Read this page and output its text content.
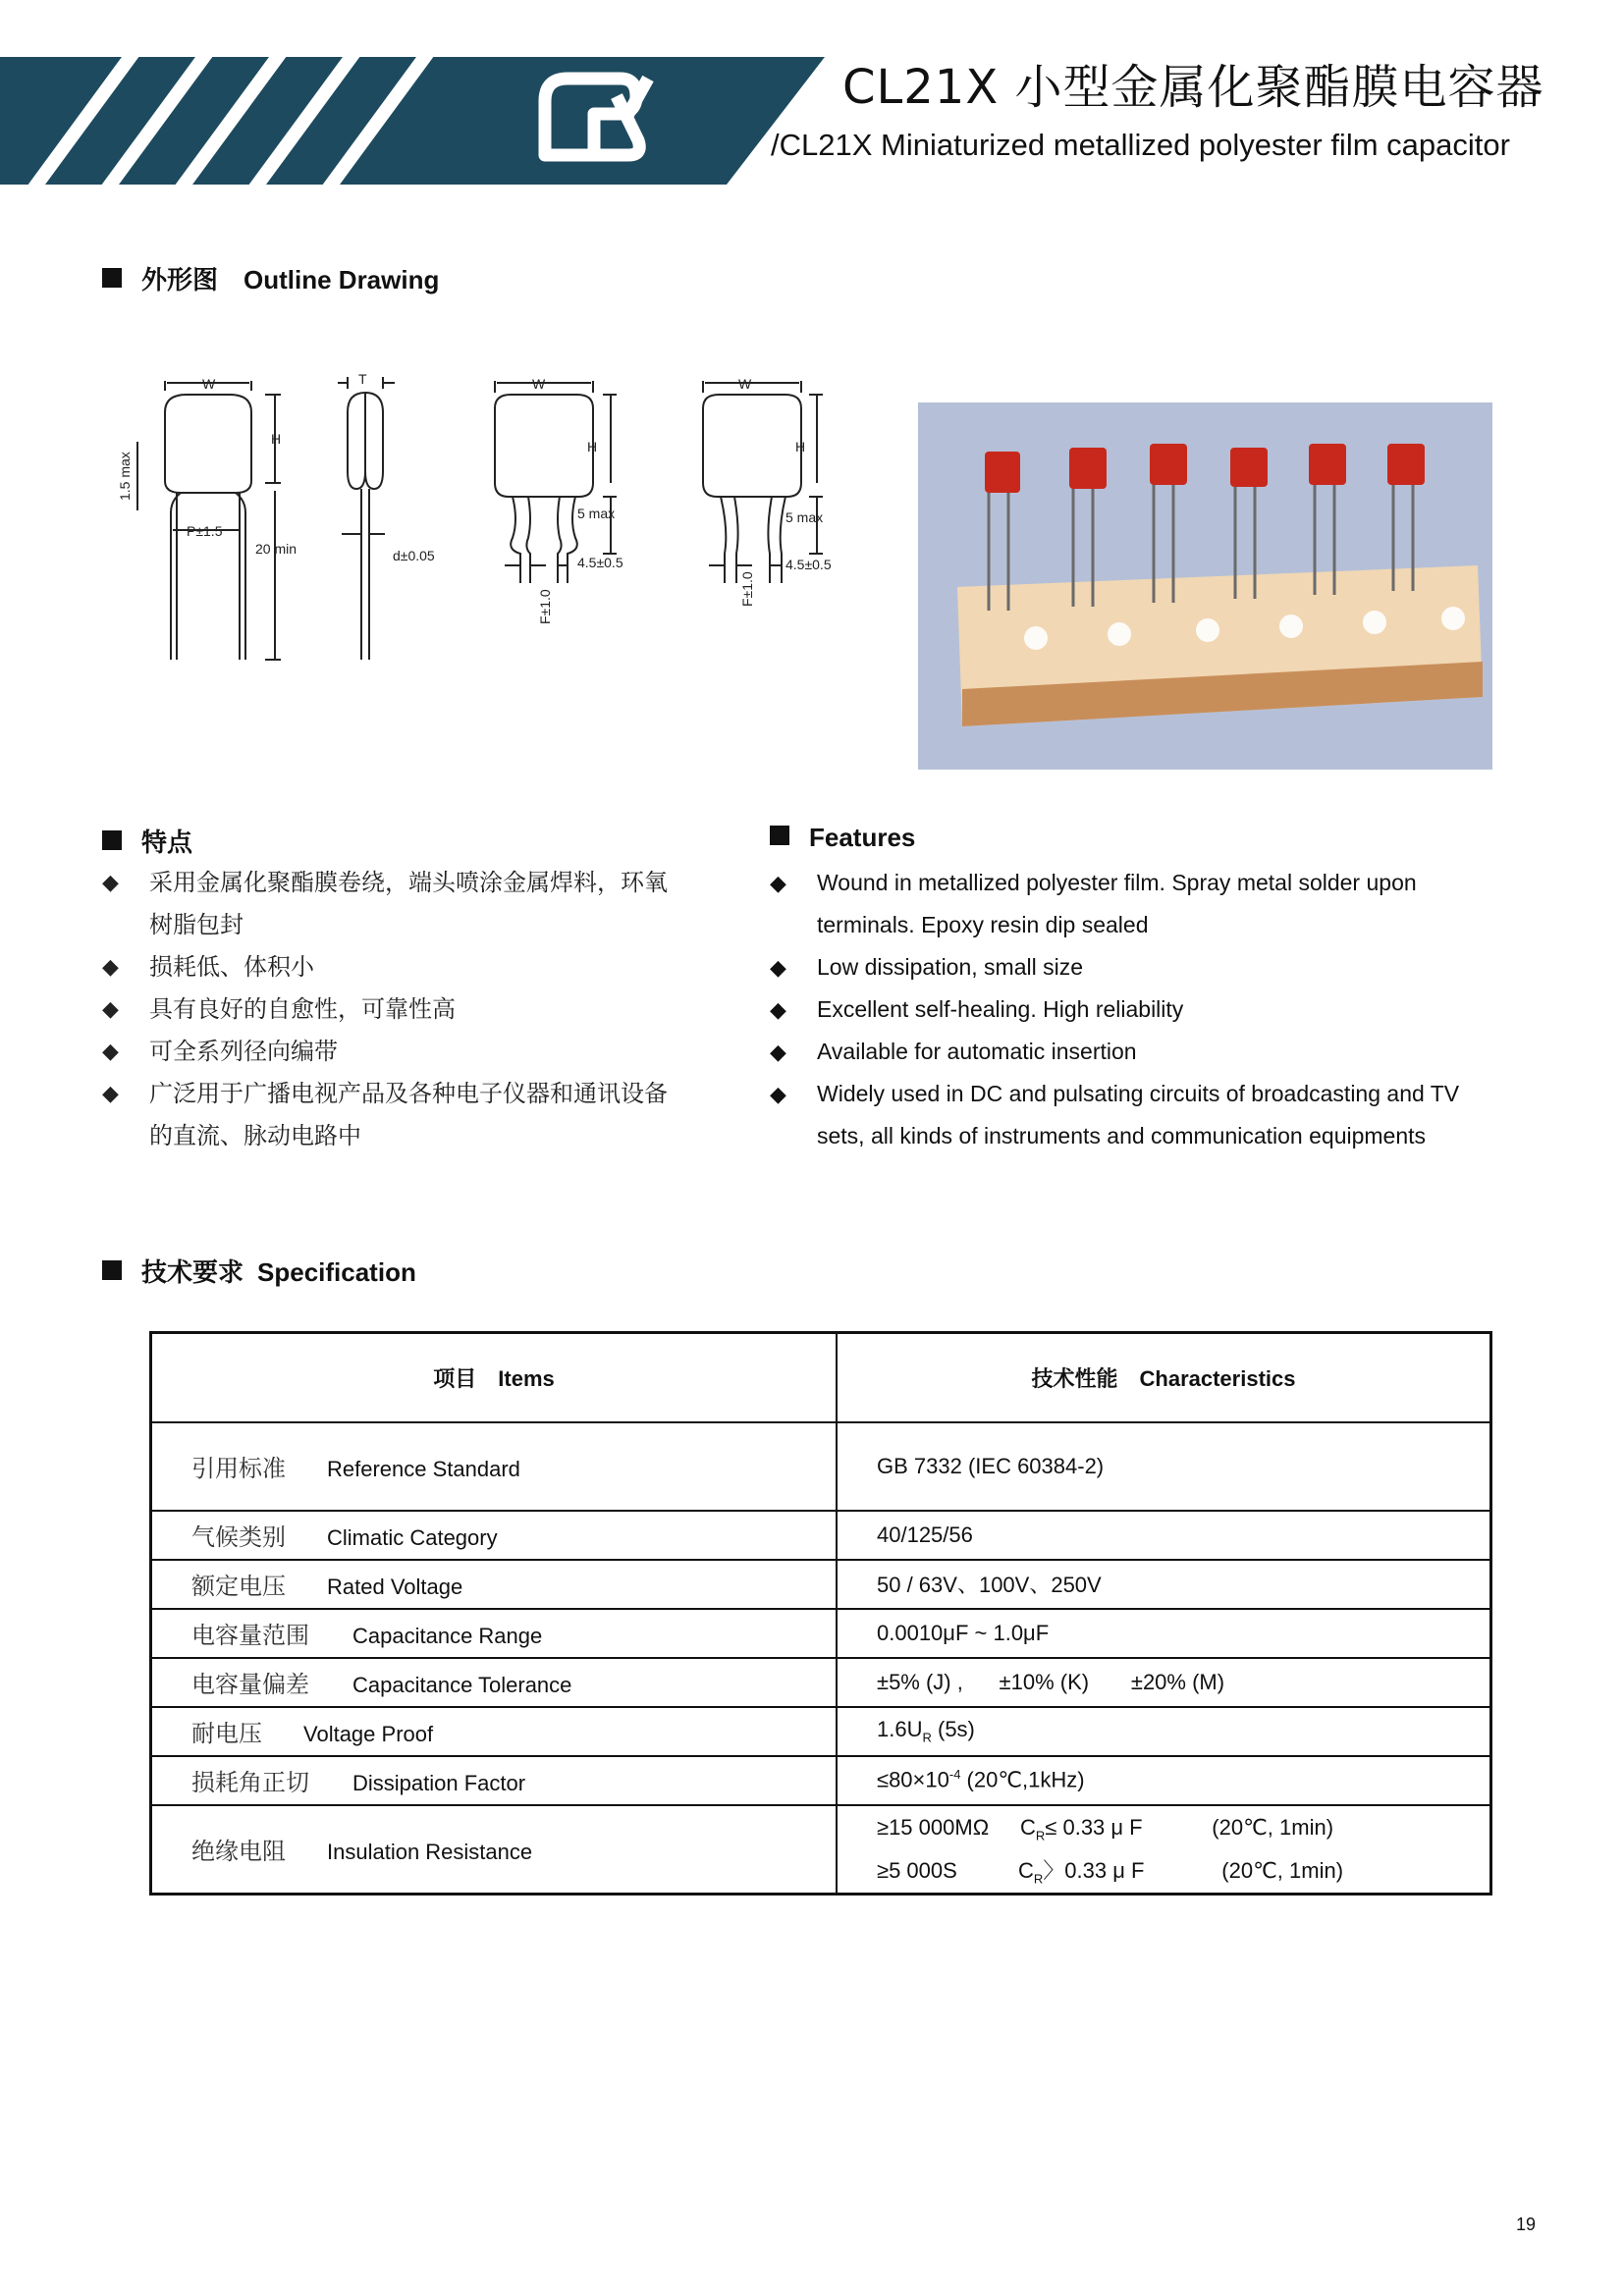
CL21X 小型金属化聚酯膜电容器
/CL21X Miniaturized metallized polyester film capacitor
外形图 Outline Drawing
W
H
1.5 max
P±1.5
20 min
T
d±0.05
W
H
5 max
4.5±0.5
F±1.0
W
H
5 max
4.5±0.5
F±1.0
特点	Features
◆ 采用金属化聚酯膜卷绕，端头喷涂金属焊料，环氧
树脂包封
◆ 损耗低、体积小
◆ 具有良好的自愈性，可靠性高
◆ 可全系列径向编带
◆ 广泛用于广播电视产品及各种电子仪器和通讯设备
的直流、脉动电路中
◆ Wound in metallized polyester film. Spray metal solder upon
terminals. Epoxy resin dip sealed
◆ Low dissipation, small size
◆ Excellent self-healing. High reliability
◆ Available for automatic insertion
◆ Widely used in DC and pulsating circuits of broadcasting and TV
sets, all kinds of instruments and communication equipments
技术要求 Specification
项目 Items	技术性能 Characteristics
引用标准 Reference Standard	GB 7332 (IEC 60384-2)
气候类别 Climatic Category	40/125/56
额定电压 Rated Voltage	50 / 63V、100V、250V
电容量范围 Capacitance Range	0.0010μF ~ 1.0μF
电容量偏差 Capacitance Tolerance	±5% (J) ,      ±10% (K)       ±20% (M)
耐电压 Voltage Proof	$1.6U_R$ (5s)
损耗角正切 Dissipation Factor	$\le 80\times 10^{-4}$ (20℃,1kHz)
绝缘电阻 Insulation Resistance	≥15 000MΩ $C_R\le 0.33$ μ F (20℃, 1min)
≥5 000S $C_R$〉0.33 μ F (20℃, 1min)
19
